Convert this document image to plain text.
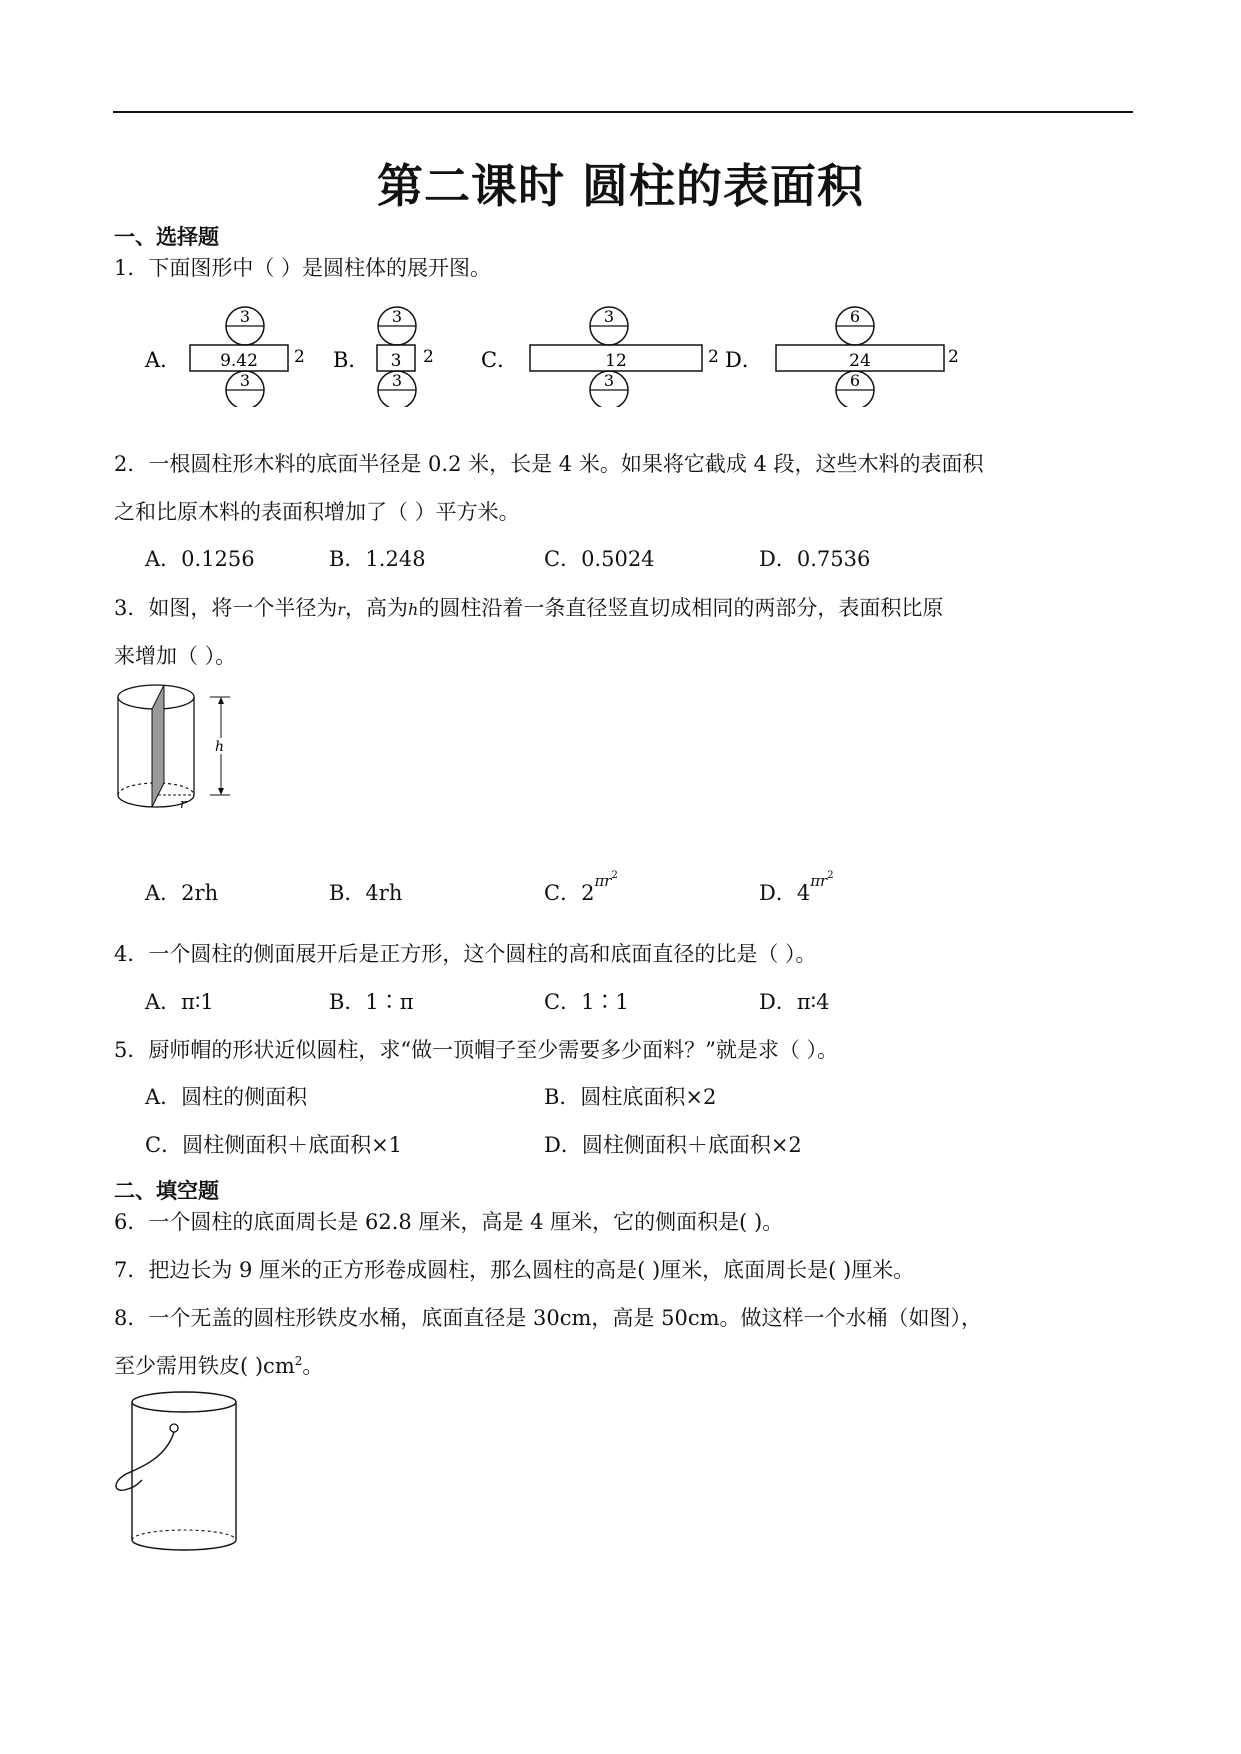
第二课时 圆柱的表面积
一、选择题
1．下面图形中（ ）是圆柱体的展开图。
A． 9.42 2
3
3
B． 3 2
3
3
C．	12	2
3
3
D．	24	2
6
6
2．一根圆柱形木料的底面半径是 0.2 米，长是 4 米。如果将它截成 4 段，这些木料的表面积
之和比原木料的表面积增加了（ ）平方米。
A．0.1256	B．1.248	C．0.5024	D．0.7536
3．如图，将一个半径为r，高为h的圆柱沿着一条直径竖直切成相同的两部分，表面积比原
来增加（ ）。
r
h
A．2rh	B．4rh	C．$2^{\pi r2}$
D．$4^{\pi r2}$
4．一个圆柱的侧面展开后是正方形，这个圆柱的高和底面直径的比是（ ）。
A．π∶1	B．1∶π	C．1∶1	D．π∶4
5．厨师帽的形状近似圆柱，求“做一顶帽子至少需要多少面料？”就是求（ ）。
A．圆柱的侧面积	B．圆柱底面积×2
C．圆柱侧面积＋底面积×1	D．圆柱侧面积＋底面积×2
二、填空题
6．一个圆柱的底面周长是 62.8 厘米，高是 4 厘米，它的侧面积是( )。
7．把边长为 9 厘米的正方形卷成圆柱，那么圆柱的高是( )厘米，底面周长是( )厘米。
8．一个无盖的圆柱形铁皮水桶，底面直径是 30cm，高是 50cm。做这样一个水桶（如图），
至少需用铁皮( )$cm^2$。
